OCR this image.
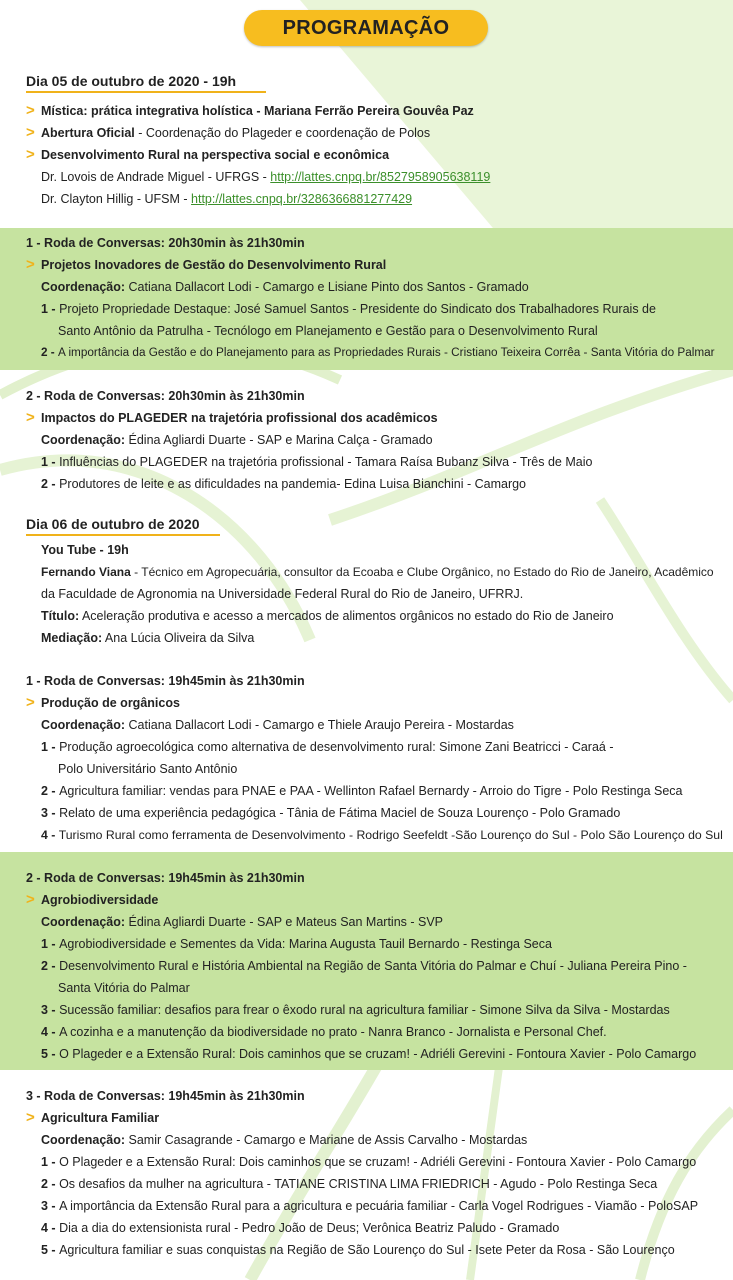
PROGRAMAÇÃO
Dia 05 de outubro de 2020 - 19h
> Mística: prática integrativa holística - Mariana Ferrão Pereira Gouvêa Paz
> Abertura Oficial - Coordenação do Plageder e coordenação de Polos
> Desenvolvimento Rural na perspectiva social e econômica
Dr. Lovois de Andrade Miguel - UFRGS - http://lattes.cnpq.br/8527958905638119
Dr. Clayton Hillig - UFSM - http://lattes.cnpq.br/3286366881277429
1 - Roda de Conversas: 20h30min às 21h30min
> Projetos Inovadores de Gestão do Desenvolvimento Rural
Coordenação: Catiana Dallacort Lodi - Camargo e Lisiane Pinto dos Santos - Gramado
1 - Projeto Propriedade Destaque: José Samuel Santos - Presidente do Sindicato dos Trabalhadores Rurais de
Santo Antônio da Patrulha - Tecnólogo em Planejamento e Gestão para o Desenvolvimento Rural
2 - A importância da Gestão e do Planejamento para as Propriedades Rurais - Cristiano Teixeira Corrêa - Santa Vitória do Palmar
2 - Roda de Conversas: 20h30min às 21h30min
> Impactos do PLAGEDER na trajetória profissional dos acadêmicos
Coordenação: Édina Agliardi Duarte - SAP e Marina Calça - Gramado
1 - Influências do PLAGEDER na trajetória profissional - Tamara Raísa Bubanz Silva - Três de Maio
2 - Produtores de leite e as dificuldades na pandemia- Edina Luisa Bianchini - Camargo
Dia 06 de outubro de 2020
You Tube - 19h
Fernando Viana - Técnico em Agropecuária, consultor da Ecoaba e Clube Orgânico, no Estado do Rio de Janeiro, Acadêmico
da Faculdade de Agronomia na Universidade Federal Rural do Rio de Janeiro, UFRRJ.
Título: Aceleração produtiva e acesso a mercados de alimentos orgânicos no estado do Rio de Janeiro
Mediação: Ana Lúcia Oliveira da Silva
1 - Roda de Conversas: 19h45min às 21h30min
> Produção de orgânicos
Coordenação: Catiana Dallacort Lodi - Camargo e Thiele Araujo Pereira - Mostardas
1 - Produção agroecológica como alternativa de desenvolvimento rural: Simone Zani Beatricci - Caraá -
Polo Universitário Santo Antônio
2 - Agricultura familiar: vendas para PNAE e PAA - Wellinton Rafael Bernardy - Arroio do Tigre - Polo Restinga Seca
3 - Relato de uma experiência pedagógica - Tânia de Fátima Maciel de Souza Lourenço - Polo Gramado
4 - Turismo Rural como ferramenta de Desenvolvimento - Rodrigo Seefeldt -São Lourenço do Sul - Polo São Lourenço do Sul
2 - Roda de Conversas: 19h45min às 21h30min
> Agrobiodiversidade
Coordenação: Édina Agliardi Duarte - SAP e Mateus San Martins - SVP
1 - Agrobiodiversidade e Sementes da Vida: Marina Augusta Tauil Bernardo - Restinga Seca
2 - Desenvolvimento Rural e História Ambiental na Região de Santa Vitória do Palmar e Chuí - Juliana Pereira Pino -
Santa Vitória do Palmar
3 - Sucessão familiar: desafios para frear o êxodo rural na agricultura familiar - Simone Silva da Silva - Mostardas
4 - A cozinha e a manutenção da biodiversidade no prato - Nanra Branco - Jornalista e Personal Chef.
5 - O Plageder e a Extensão Rural: Dois caminhos que se cruzam! - Adriéli Gerevini - Fontoura Xavier - Polo Camargo
3 - Roda de Conversas: 19h45min às 21h30min
> Agricultura Familiar
Coordenação: Samir Casagrande - Camargo e Mariane de Assis Carvalho - Mostardas
1 - O Plageder e a Extensão Rural: Dois caminhos que se cruzam! - Adriéli Gerevini - Fontoura Xavier - Polo Camargo
2 - Os desafios da mulher na agricultura - TATIANE CRISTINA LIMA FRIEDRICH - Agudo - Polo Restinga Seca
3 - A importância da Extensão Rural para a agricultura e pecuária familiar - Carla Vogel Rodrigues - Viamão - PoloSAP
4 - Dia a dia do extensionista rural - Pedro João de Deus; Verônica Beatriz Paludo - Gramado
5 - Agricultura familiar e suas conquistas na Região de São Lourenço do Sul - Isete Peter da Rosa - São Lourenço
